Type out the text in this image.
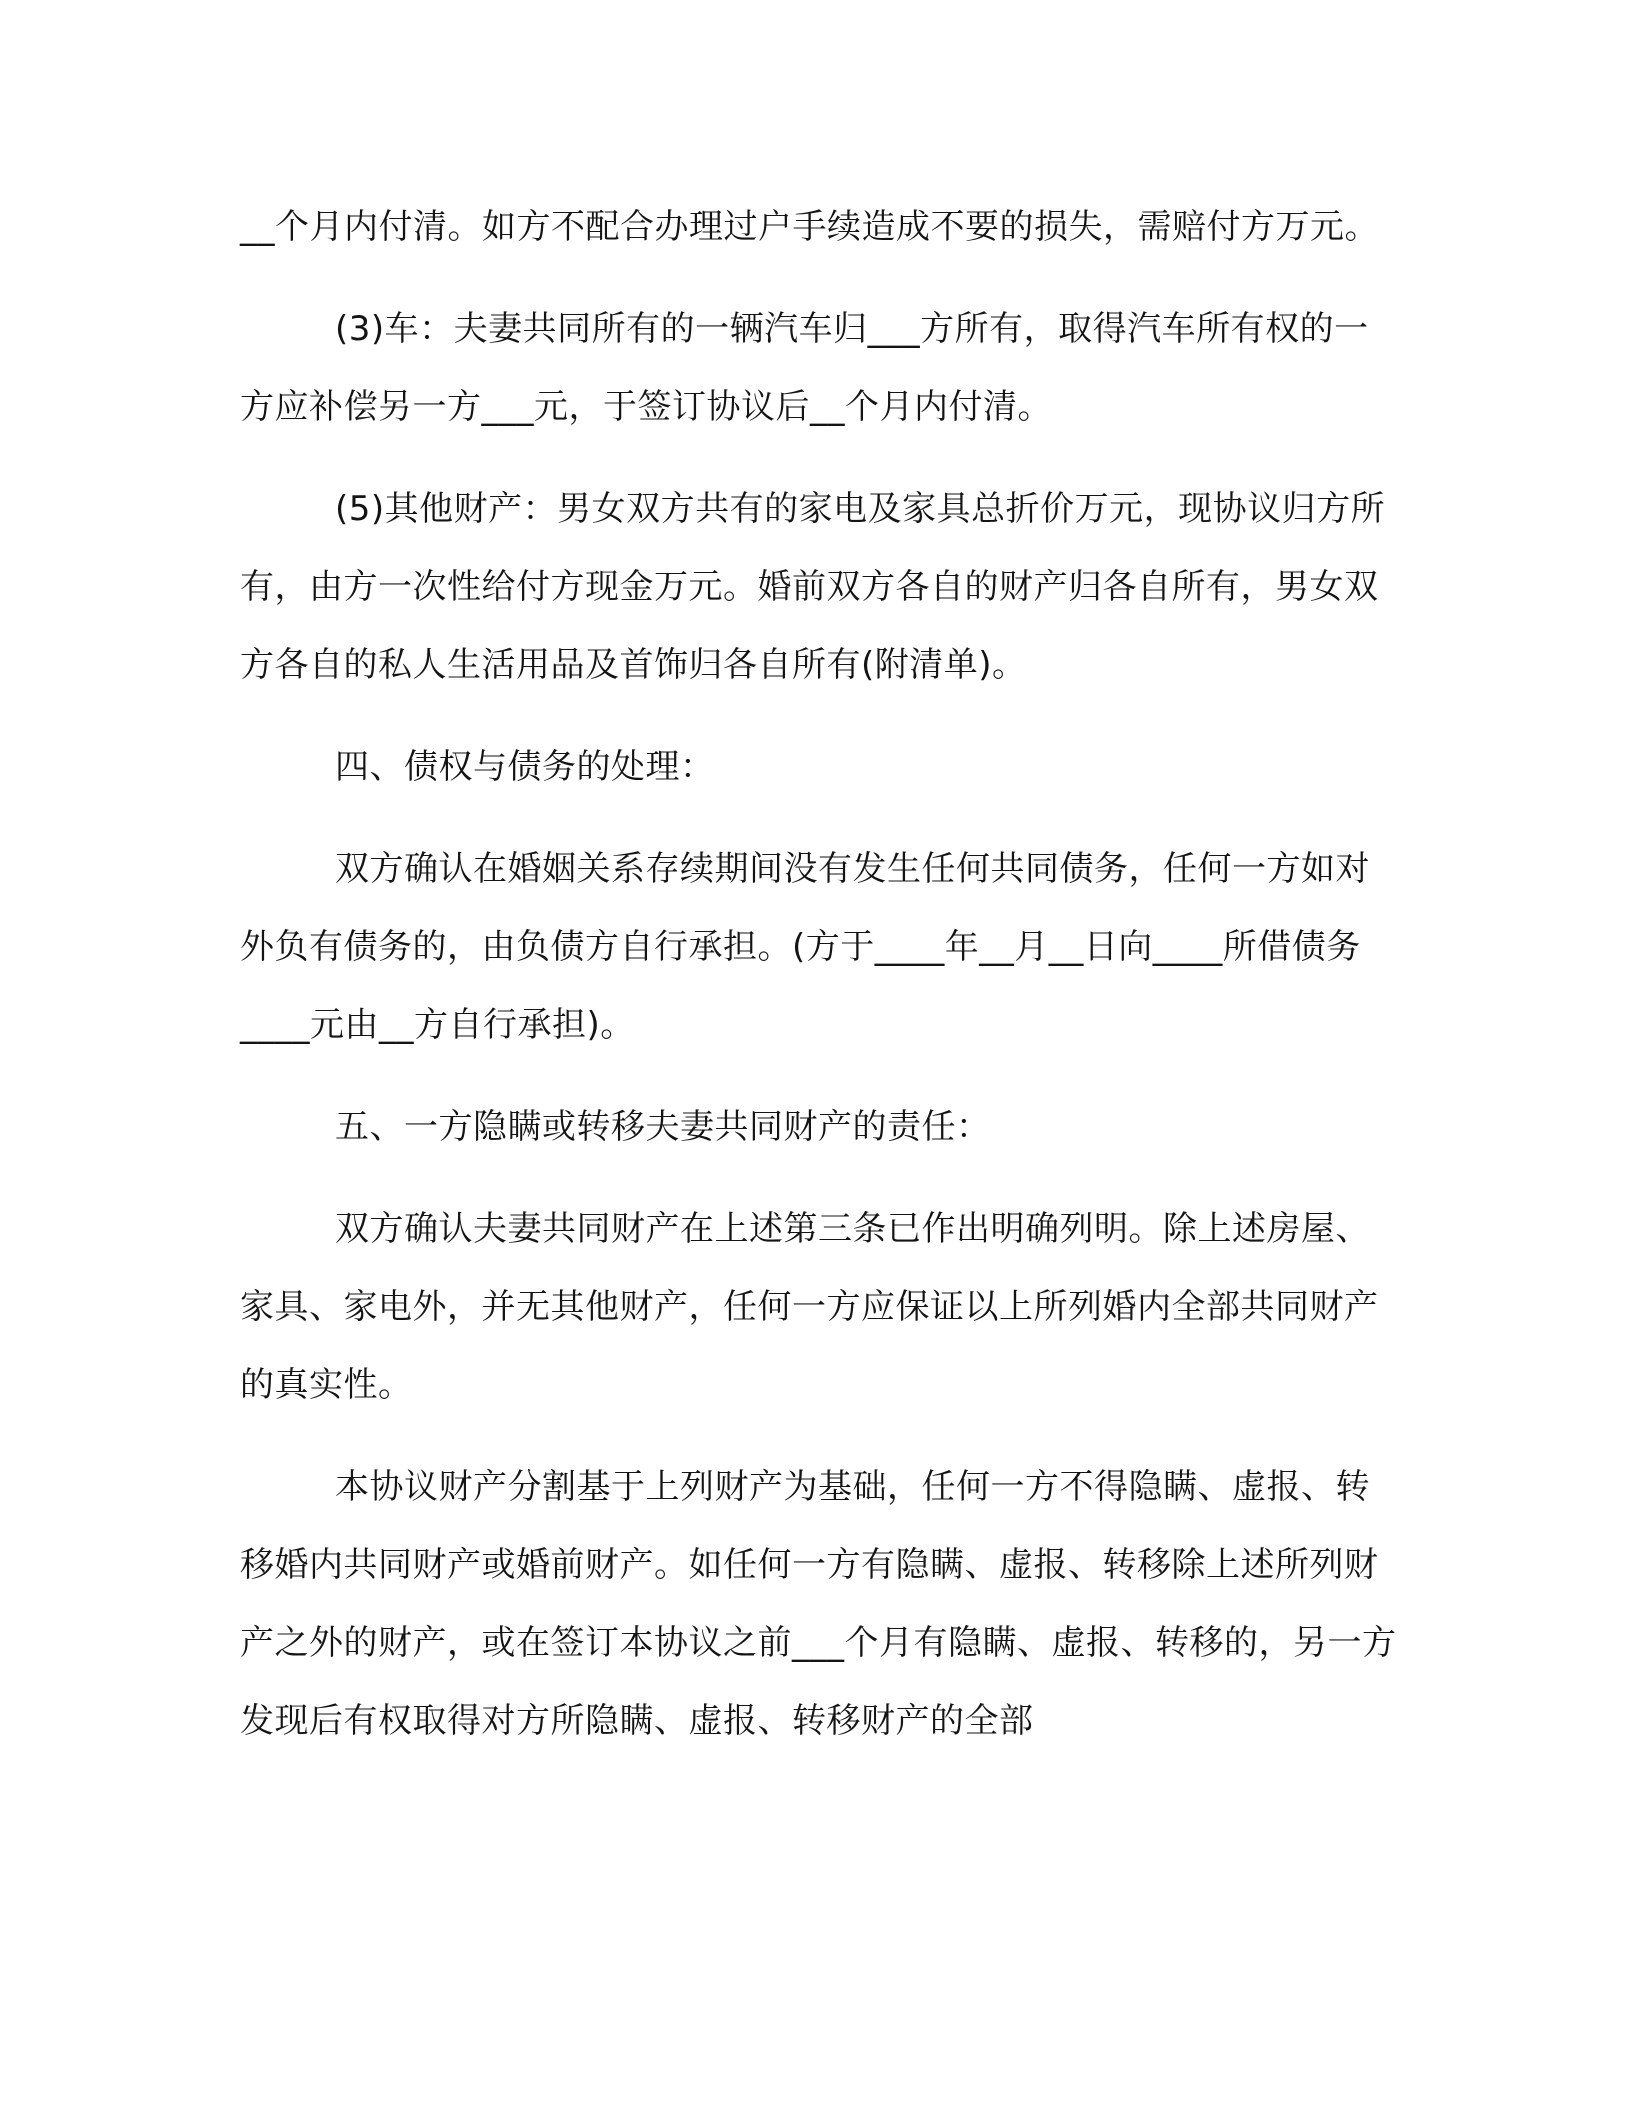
__个月内付清。如方不配合办理过户手续造成不要的损失，需赔付方万元。

(3)车：夫妻共同所有的一辆汽车归___方所有，取得汽车所有权的一方应补偿另一方___元，于签订协议后__个月内付清。

(5)其他财产：男女双方共有的家电及家具总折价万元，现协议归方所有，由方一次性给付方现金万元。婚前双方各自的财产归各自所有，男女双方各自的私人生活用品及首饰归各自所有(附清单)。

四、债权与债务的处理：

双方确认在婚姻关系存续期间没有发生任何共同债务，任何一方如对外负有债务的，由负债方自行承担。(方于____年__月__日向____所借债务____元由__方自行承担)。

五、一方隐瞒或转移夫妻共同财产的责任：

双方确认夫妻共同财产在上述第三条已作出明确列明。除上述房屋、家具、家电外，并无其他财产，任何一方应保证以上所列婚内全部共同财产的真实性。

本协议财产分割基于上列财产为基础，任何一方不得隐瞒、虚报、转移婚内共同财产或婚前财产。如任何一方有隐瞒、虚报、转移除上述所列财产之外的财产，或在签订本协议之前___个月有隐瞒、虚报、转移的，另一方发现后有权取得对方所隐瞒、虚报、转移财产的全部
